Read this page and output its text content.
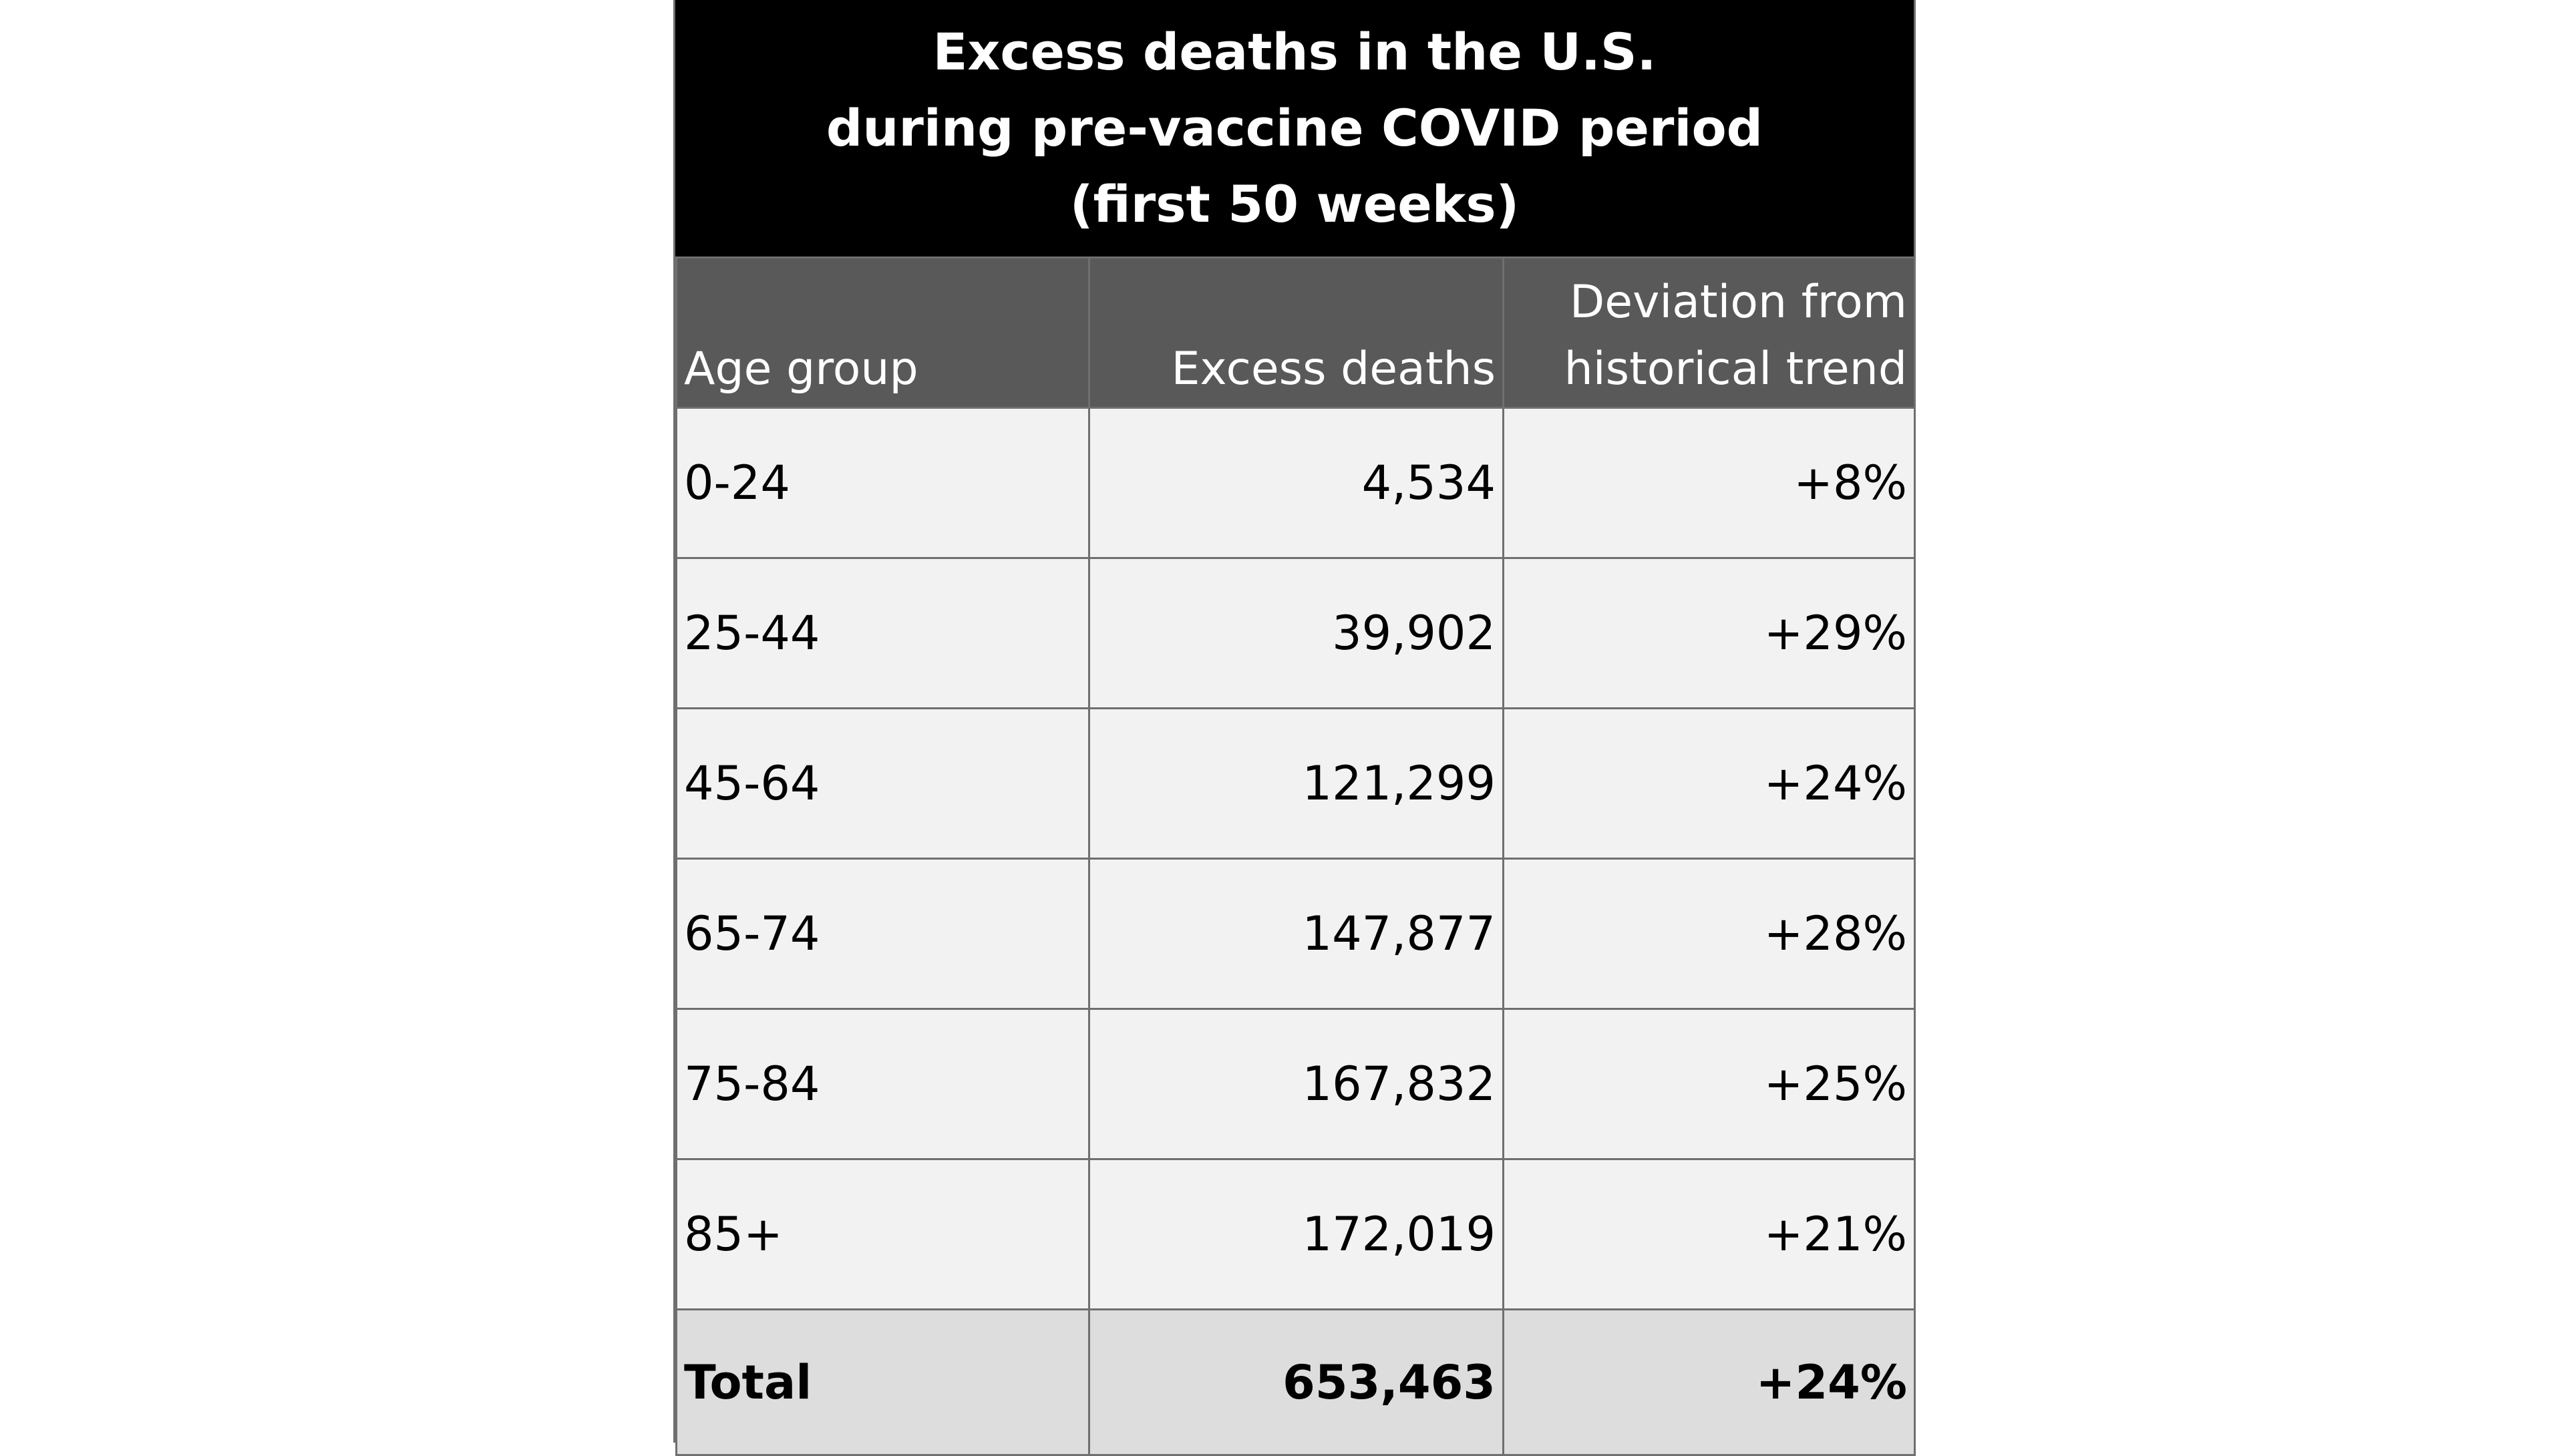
Excess deaths in the U.S.
during pre-vaccine COVID period
(first 50 weeks)
Age group	Excess deaths	Deviation from
historical trend

0-24	4,534	+8%
25-44	39,902	+29%
45-64	121,299	+24%
65-74	147,877	+28%
75-84	167,832	+25%
85+	172,019	+21%
Total	653,463	+24%
